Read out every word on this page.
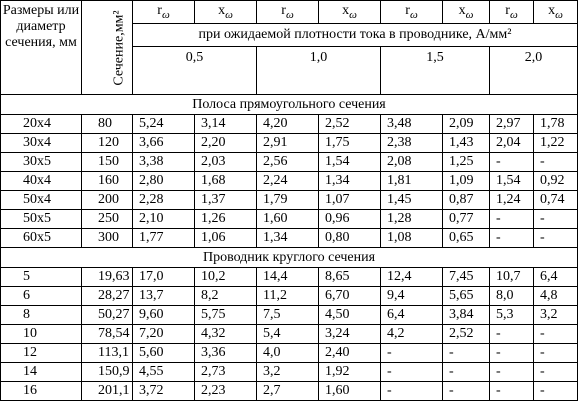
Размеры или диаметр сечения, мм	Сечение,мм²	$r_\omega$	$x_\omega$	$r_\omega$	$x_\omega$	$r_\omega$	$x_\omega$	$r_\omega$	$x_\omega$
		при ожидаемой плотности тока в проводнике, А/мм²							
		0,5		1,0		1,5		2,0	
Полоса прямоугольного сечения									
20x4	80	5,24	3,14	4,20	2,52	3,48	2,09	2,97	1,78
30x4	120	3,66	2,20	2,91	1,75	2,38	1,43	2,04	1,22
30x5	150	3,38	2,03	2,56	1,54	2,08	1,25	-	-
40x4	160	2,80	1,68	2,24	1,34	1,81	1,09	1,54	0,92
50x4	200	2,28	1,37	1,79	1,07	1,45	0,87	1,24	0,74
50x5	250	2,10	1,26	1,60	0,96	1,28	0,77	-	-
60x5	300	1,77	1,06	1,34	0,80	1,08	0,65	-	-
Проводник круглого сечения									
5	19,63	17,0	10,2	14,4	8,65	12,4	7,45	10,7	6,4
6	28,27	13,7	8,2	11,2	6,70	9,4	5,65	8,0	4,8
8	50,27	9,60	5,75	7,5	4,50	6,4	3,84	5,3	3,2
10	78,54	7,20	4,32	5,4	3,24	4,2	2,52	-	-
12	113,1	5,60	3,36	4,0	2,40	-	-	-	-
14	150,9	4,55	2,73	3,2	1,92	-	-	-	-
16	201,1	3,72	2,23	2,7	1,60	-	-	-	-
